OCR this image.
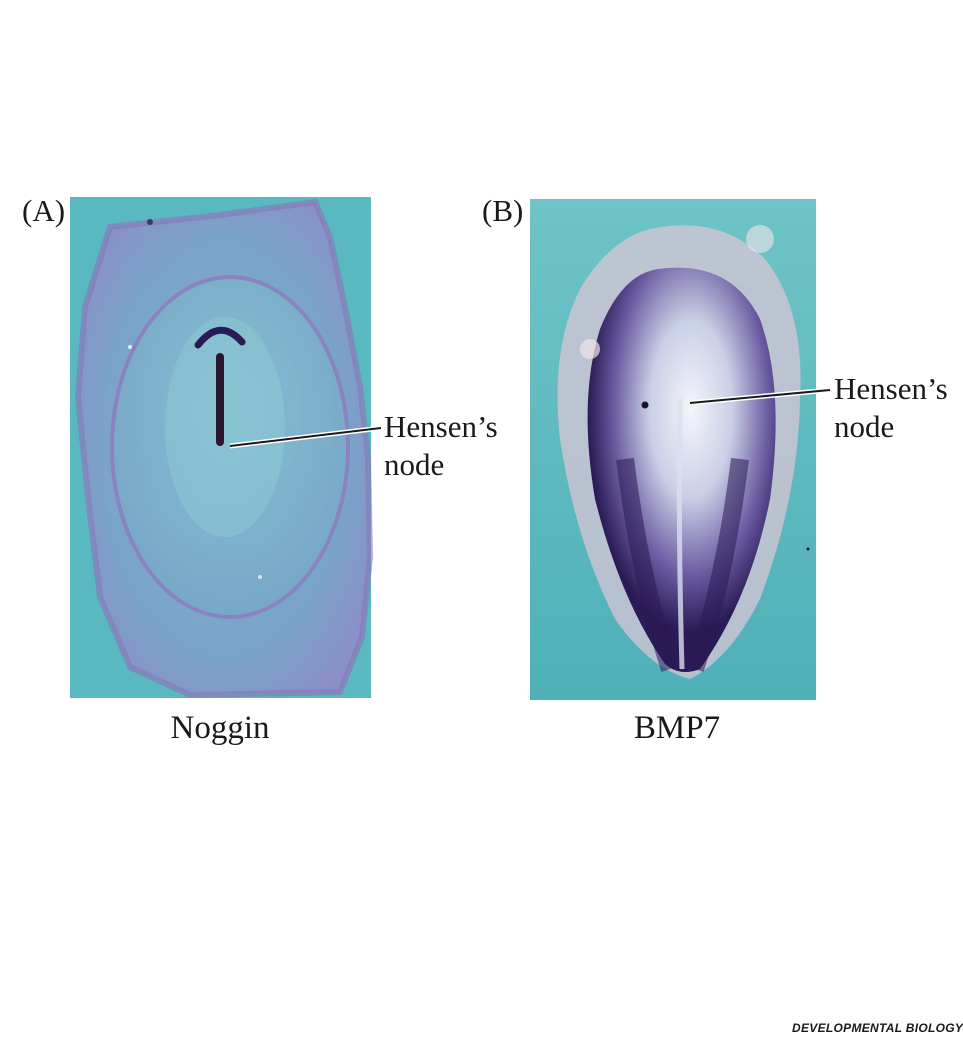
(A)
Hensen’s
node
Noggin
(B)
Hensen’s
node
BMP7
DEVELOPMENTAL BIOLOGY
